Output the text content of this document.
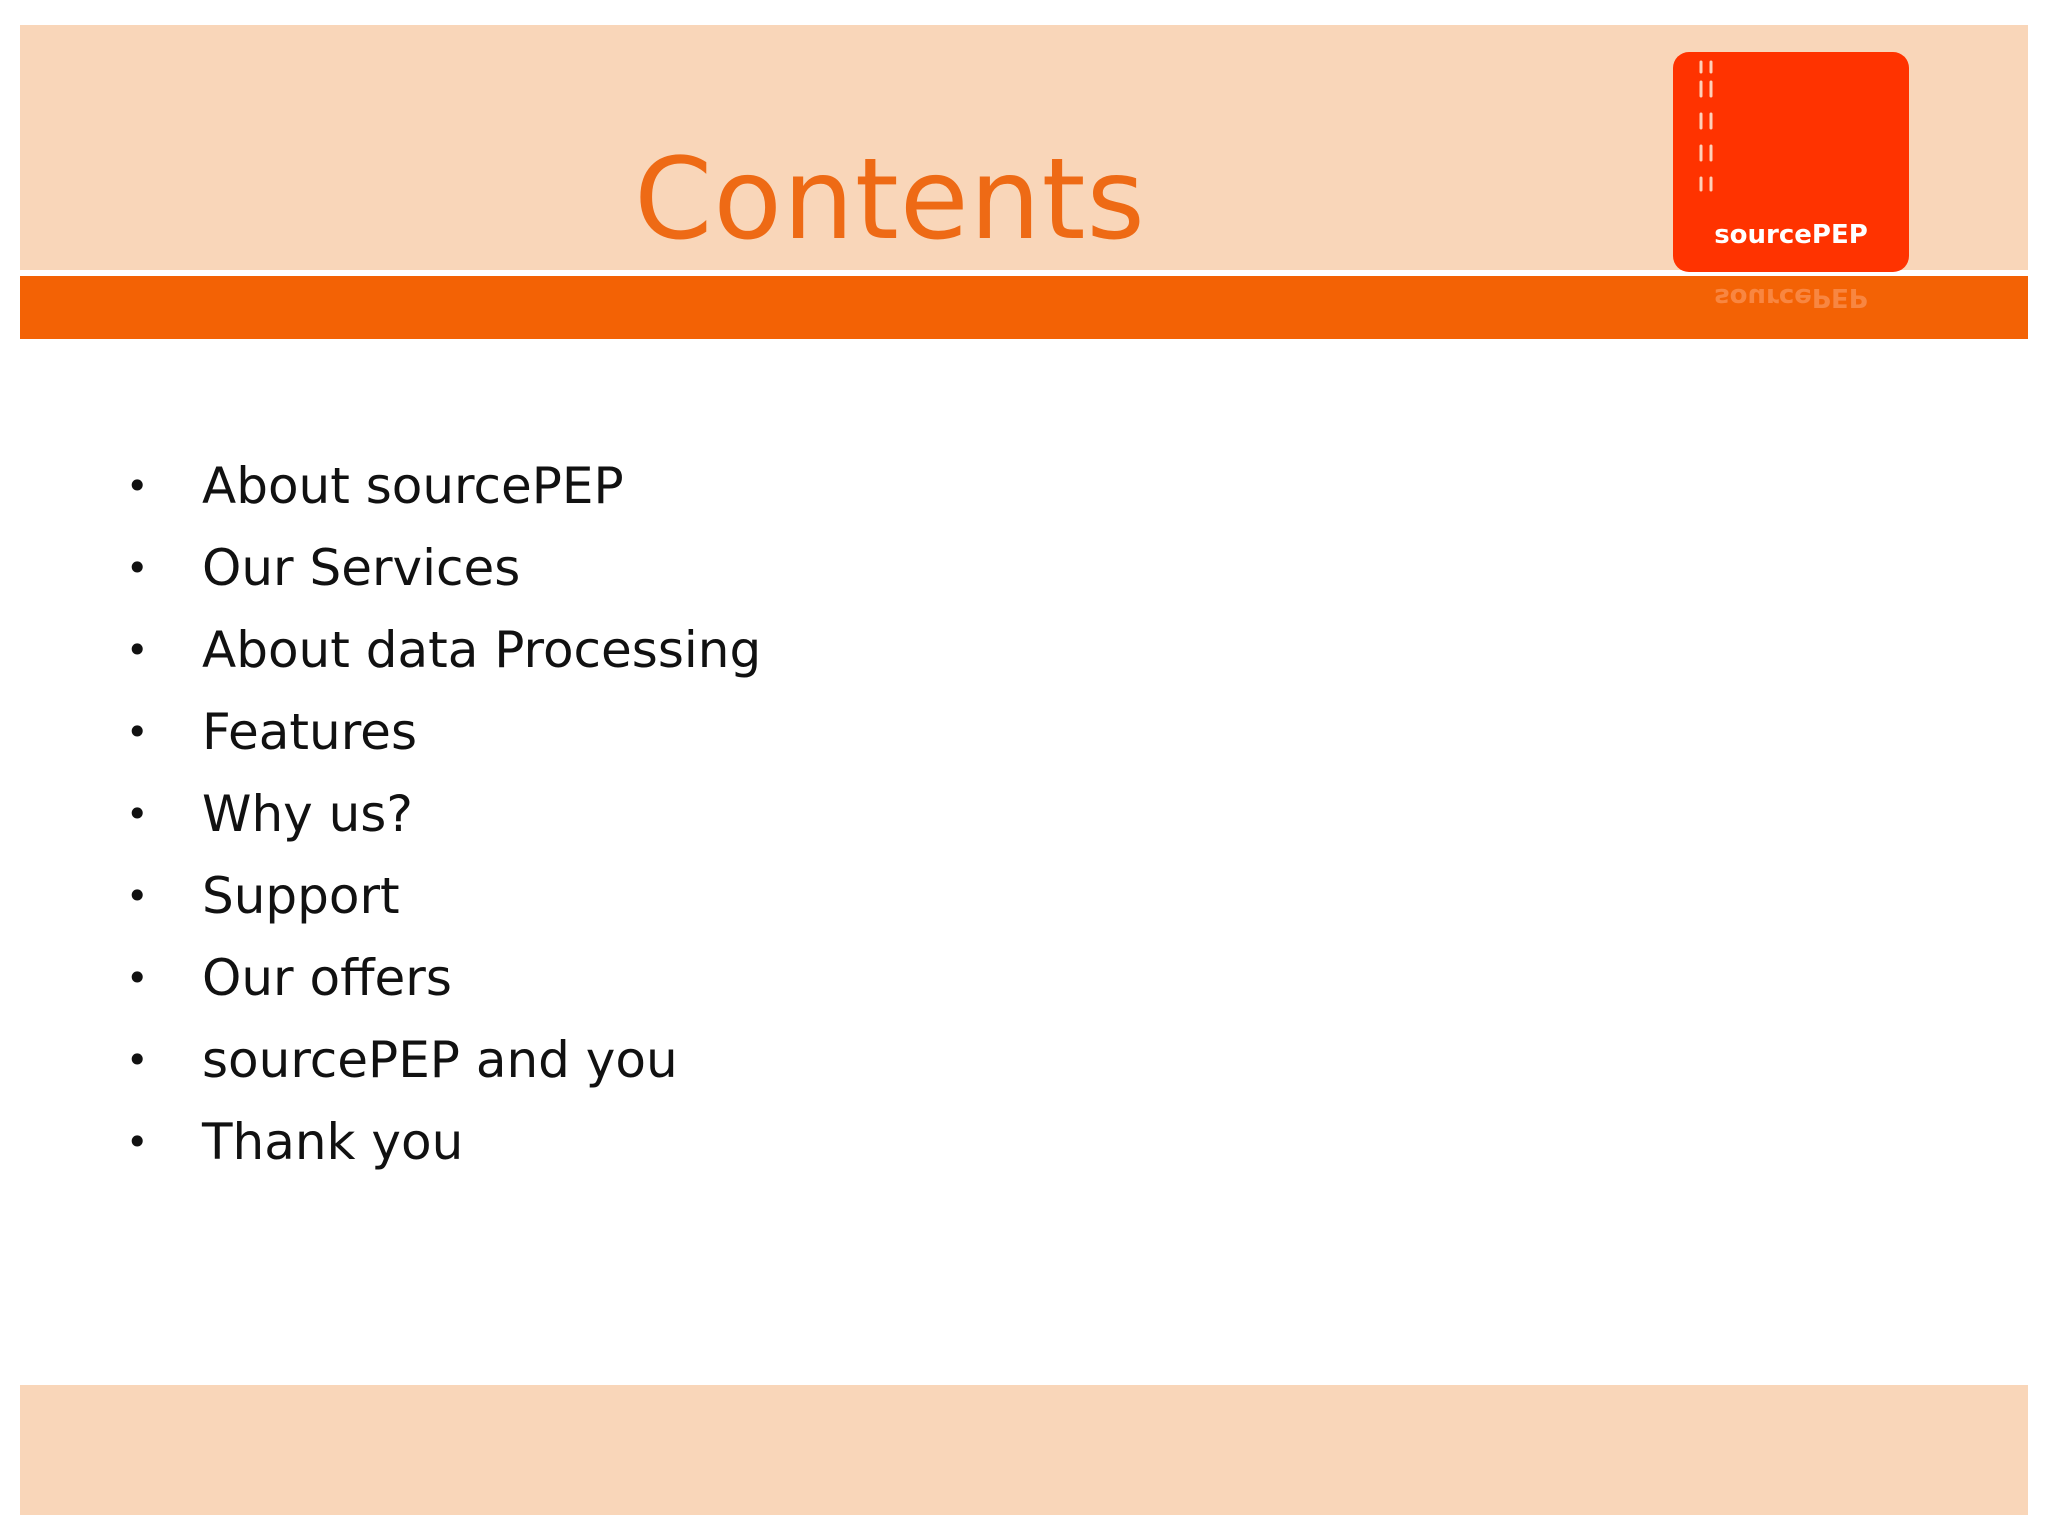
Contents	sourcePEP
sourcePEP
• About sourcePEP
• Our Services
• About data Processing
• Features
• Why us?
• Support
• Our offers
• sourcePEP and you
• Thank you
